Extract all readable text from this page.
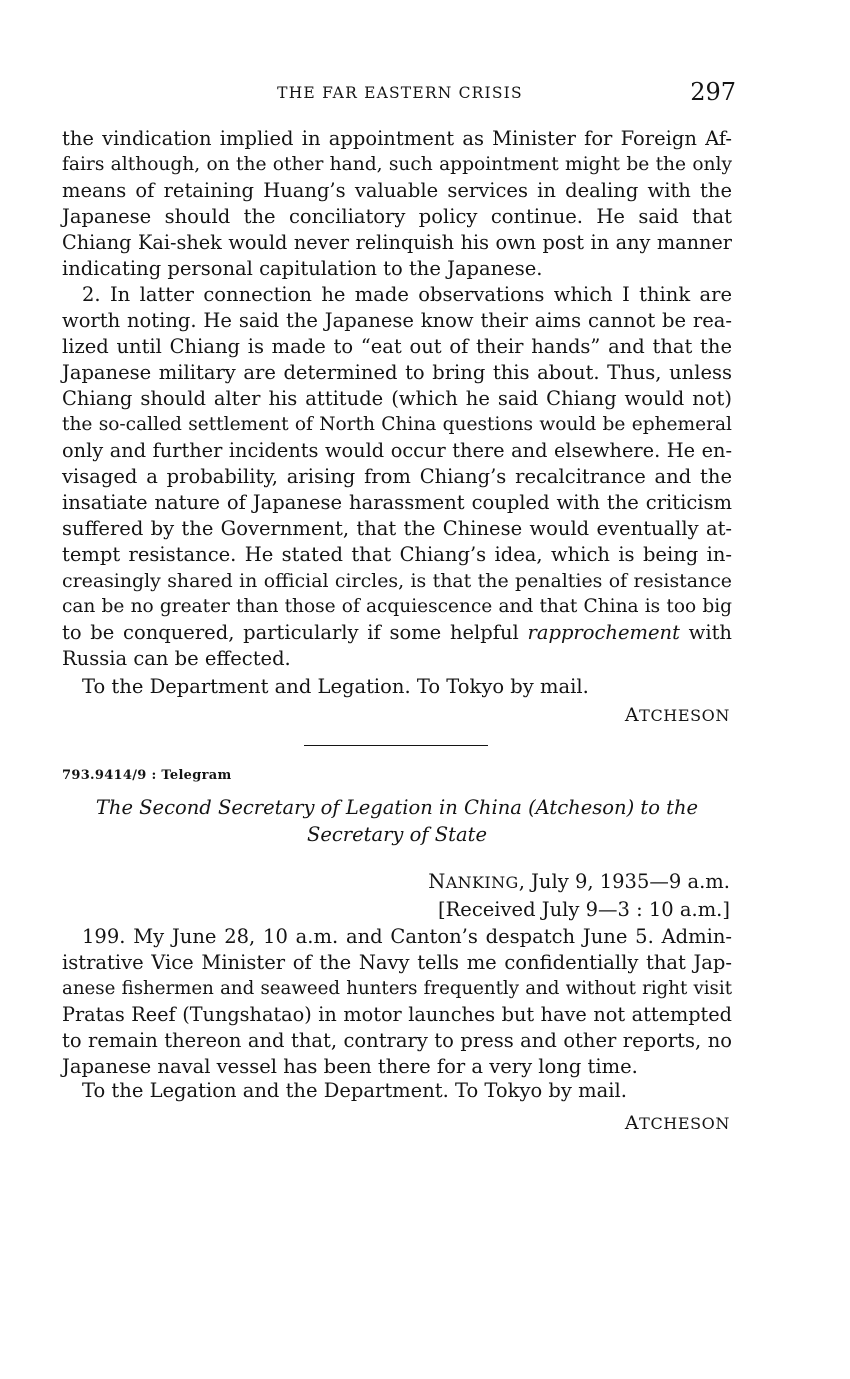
THE FAR EASTERN CRISIS	297

the vindication implied in appointment as Minister for Foreign Af-
fairs although, on the other hand, such appointment might be the only
means of retaining Huang’s valuable services in dealing with the
Japanese should the conciliatory policy continue. He said that
Chiang Kai-shek would never relinquish his own post in any manner
indicating personal capitulation to the Japanese.

2. In latter connection he made observations which I think are
worth noting. He said the Japanese know their aims cannot be rea-
lized until Chiang is made to “eat out of their hands” and that the
Japanese military are determined to bring this about. Thus, unless
Chiang should alter his attitude (which he said Chiang would not)
the so-called settlement of North China questions would be ephemeral
only and further incidents would occur there and elsewhere. He en-
visaged a probability, arising from Chiang’s recalcitrance and the
insatiate nature of Japanese harassment coupled with the criticism
suffered by the Government, that the Chinese would eventually at-
tempt resistance. He stated that Chiang’s idea, which is being in-
creasingly shared in official circles, is that the penalties of resistance
can be no greater than those of acquiescence and that China is too big
to be conquered, particularly if some helpful rapprochement with
Russia can be effected.

To the Department and Legation. To Tokyo by mail.

ATCHESON
793.9414/9 : Telegram

The Second Secretary of Legation in China (Atcheson) to the
Secretary of State

NANKING, July 9, 1935—9 a.m.
[Received July 9—3 : 10 a.m.]

199. My June 28, 10 a.m. and Canton’s despatch June 5. Admin-
istrative Vice Minister of the Navy tells me confidentially that Jap-
anese fishermen and seaweed hunters frequently and without right visit
Pratas Reef (Tungshatao) in motor launches but have not attempted
to remain thereon and that, contrary to press and other reports, no
Japanese naval vessel has been there for a very long time.

To the Legation and the Department. To Tokyo by mail.

ATCHESON
